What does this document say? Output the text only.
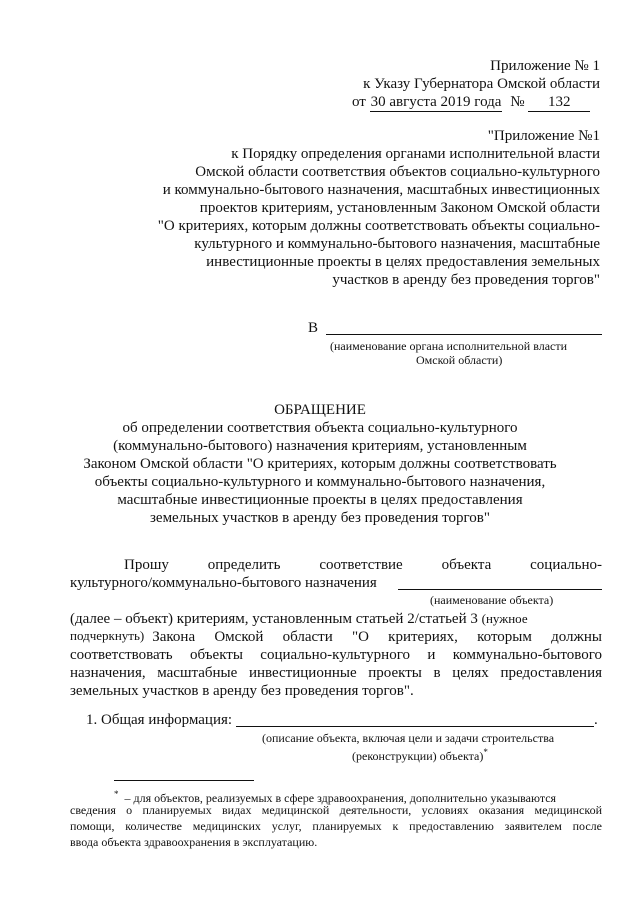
Приложение № 1
к Указу Губернатора Омской области
от 30 августа 2019 года № 132
"Приложение №1
к Порядку определения органами исполнительной власти
Омской области соответствия объектов социально-культурного
и коммунально-бытового назначения, масштабных инвестиционных
проектов критериям, установленным Законом Омской области
"О критериях, которым должны соответствовать объекты социально-
культурного и коммунально-бытового назначения, масштабные
инвестиционные проекты в целях предоставления земельных
участков в аренду без проведения торгов"
В
(наименование органа исполнительной власти
Омской области)
ОБРАЩЕНИЕ
об определении соответствия объекта социально-культурного
(коммунально-бытового) назначения критериям, установленным
Законом Омской области "О критериях, которым должны соответствовать
объекты социально-культурного и коммунально-бытового назначения,
масштабные инвестиционные проекты в целях предоставления
земельных участков в аренду без проведения торгов"
Прошу	определить	соответствие	объекта	социально-
культурного/коммунально-бытового назначения
(наименование объекта)
(далее – объект) критериям, установленным статьей 2/статьей 3 (нужное
подчеркнуть) Закона Омской области "О критериях, которым должны
соответствовать объекты социально-культурного и коммунально-бытового
назначения, масштабные инвестиционные проекты в целях предоставления
земельных участков в аренду без проведения торгов".
1. Общая информация:	.
(описание объекта, включая цели и задачи строительства
(реконструкции) объекта)*
* – для объектов, реализуемых в сфере здравоохранения, дополнительно указываются
сведения о планируемых видах медицинской деятельности, условиях оказания медицинской
помощи, количестве медицинских услуг, планируемых к предоставлению заявителем после
ввода объекта здравоохранения в эксплуатацию.
